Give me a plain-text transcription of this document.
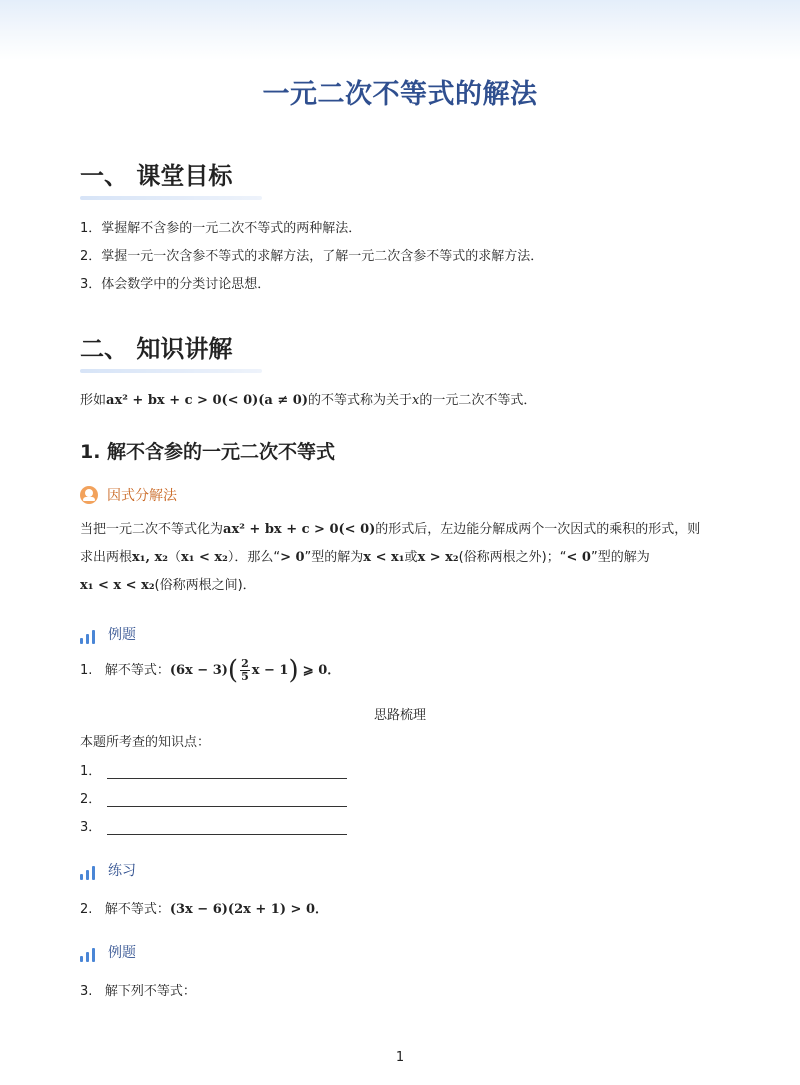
一元二次不等式的解法
一、 课堂目标
1．掌握解不含参的一元二次不等式的两种解法．
2．掌握一元一次含参不等式的求解方法，了解一元二次含参不等式的求解方法．
3．体会数学中的分类讨论思想．
二、 知识讲解
形如ax² + bx + c > 0(< 0)(a ≠ 0)的不等式称为关于x的一元二次不等式．
1. 解不含参的一元二次不等式
因式分解法
当把一元二次不等式化为ax² + bx + c > 0(< 0)的形式后，左边能分解成两个一次因式的乘积的形式，则
求出两根x₁, x₂（x₁ < x₂）．那么“> 0”型的解为x < x₁或x > x₂(俗称两根之外)；“< 0”型的解为
x₁ < x < x₂(俗称两根之间)．
例题
1. 解不等式：$(6x - 3)( \frac{2}{5}$ x − 1) ⩾ 0．
思路梳理
本题所考查的知识点：
1．
2．
3．
练习
2. 解不等式：(3x − 6)(2x + 1) > 0．
例题
3. 解下列不等式：
1
